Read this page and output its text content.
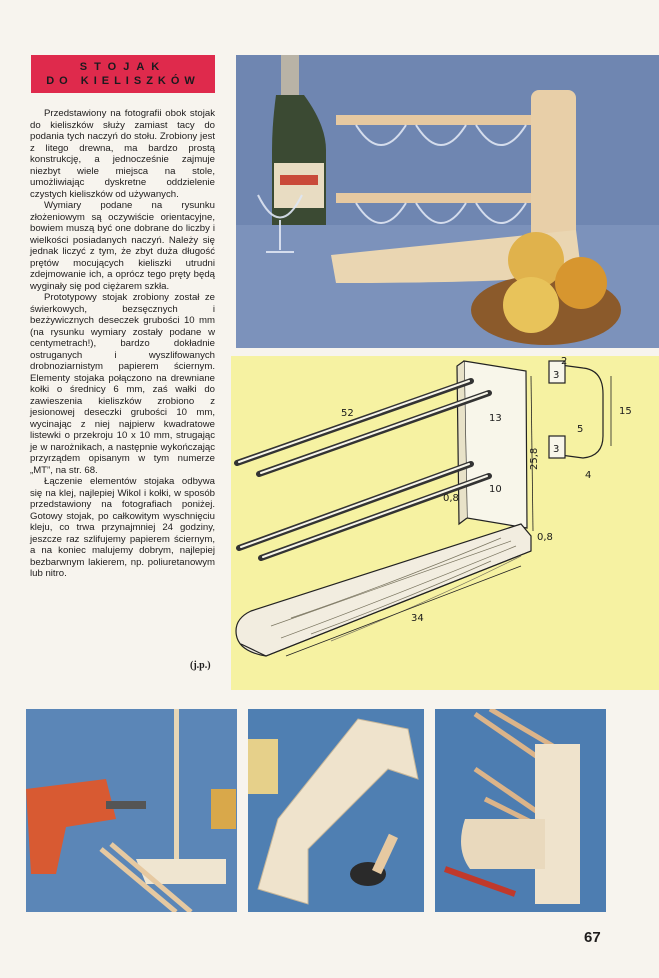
STOJAK
DO KIELISZKÓW

Przedstawiony na fotografii obok stojak do kieliszków służy zamiast tacy do podania tych naczyń do stołu. Zrobiony jest z litego drewna, ma bardzo prostą konstrukcję, a jednocześnie zajmuje niezbyt wiele miejsca na stole, umożliwiając dyskretne oddzielenie czystych kieliszków od używanych.

Wymiary podane na rysunku złożeniowym są oczywiście orientacyjne, bowiem muszą być one dobrane do liczby i wielkości posiadanych naczyń. Należy się jednak liczyć z tym, że zbyt duża długość prętów mocujących kieliszki utrudni zdejmowanie ich, a oprócz tego pręty będą wyginały się pod ciężarem szkła.

Prototypowy stojak zrobiony został ze świerkowych, bezsęcznych i bezżywicznych deseczek grubości 10 mm (na rysunku wymiary zostały podane w centymetrach!), bardzo dokładnie ostruganych i wyszlifowanych drobnoziarnistym papierem ściernym. Elementy stojaka połączono na drewniane kołki o średnicy 6 mm, zaś wałki do zawieszenia kieliszków zrobiono z jesionowej deseczki grubości 10 mm, wycinając z niej najpierw kwadratowe listewki o przekroju 10 x 10 mm, strugając je w narożnikach, a następnie wykończając przyrządem opisanym w tym numerze „MT”, na str. 68.

Łączenie elementów stojaka odbywa się na klej, najlepiej Wikol i kołki, w sposób przedstawiony na fotografiach poniżej. Gotowy stojak, po całkowitym wyschnięciu kleju, co trwa przynajmniej 24 godziny, jeszcze raz szlifujemy papierem ściernym, a na koniec malujemy dobrym, najlepiej bezbarwnym lakierem, np. poliuretanowym lub nitro.

(j.p.)
52	13
10
0,8
25,8
34
0,8
2
3
15
5
3
4
67
